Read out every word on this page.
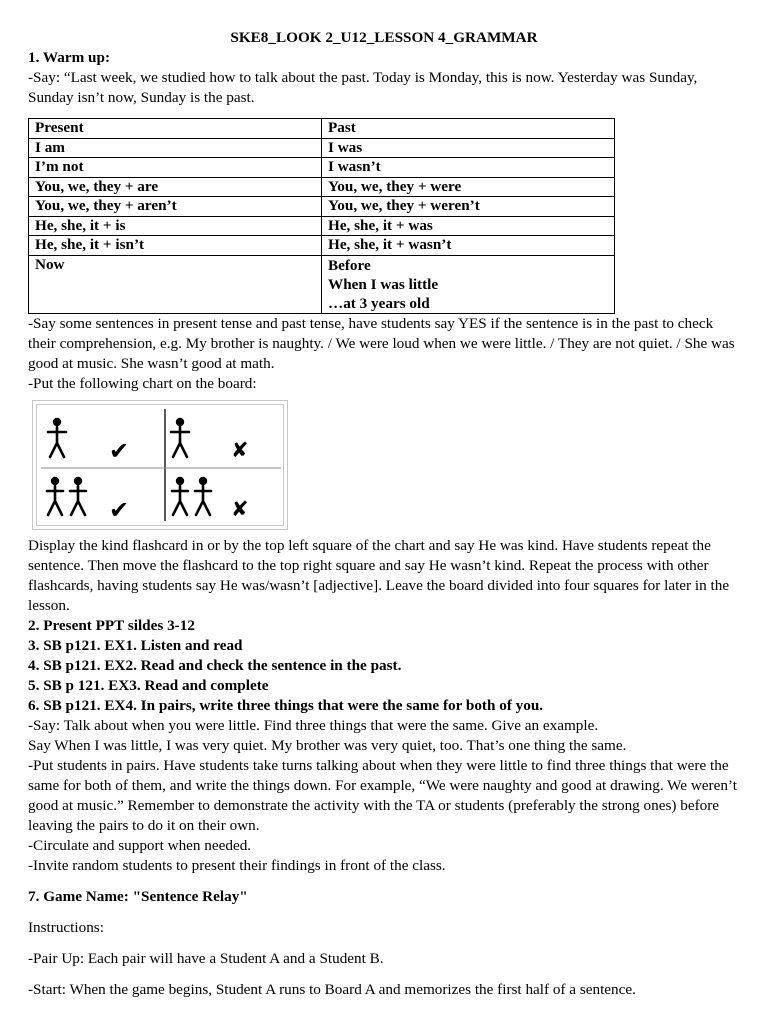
SKE8_LOOK 2_U12_LESSON 4_GRAMMAR

1. Warm up:

-Say: “Last week, we studied how to talk about the past. Today is Monday, this is now. Yesterday was Sunday, Sunday isn’t now, Sunday is the past.

Present	Past
I am	I was
I’m not	I wasn’t
You, we, they + are	You, we, they + were
You, we, they + aren’t	You, we, they + weren’t
He, she, it + is	He, she, it + was
He, she, it + isn’t	He, she, it + wasn’t
Now	Before
When I was little
…at 3 years old

-Say some sentences in present tense and past tense, have students say YES if the sentence is in the past to check their comprehension, e.g. My brother is naughty. / We were loud when we were little. / They are not quiet. / She was good at music. She wasn’t good at math.

-Put the following chart on the board:

✔
✔
✘
✘

Display the kind flashcard in or by the top left square of the chart and say He was kind. Have students repeat the sentence. Then move the flashcard to the top right square and say He wasn’t kind. Repeat the process with other flashcards, having students say He was/wasn’t [adjective]. Leave the board divided into four squares for later in the lesson.

2. Present PPT sildes 3-12

3. SB p121. EX1. Listen and read

4. SB p121. EX2. Read and check the sentence in the past.

5. SB p 121. EX3. Read and complete

6. SB p121. EX4. In pairs, write three things that were the same for both of you.

-Say: Talk about when you were little. Find three things that were the same. Give an example.

Say When I was little, I was very quiet. My brother was very quiet, too. That’s one thing the same.

-Put students in pairs. Have students take turns talking about when they were little to find three things that were the same for both of them, and write the things down. For example, “We were naughty and good at drawing. We weren’t good at music.” Remember to demonstrate the activity with the TA or students (preferably the strong ones) before leaving the pairs to do it on their own.

-Circulate and support when needed.

-Invite random students to present their findings in front of the class.

7. Game Name: "Sentence Relay"

Instructions:

-Pair Up: Each pair will have a Student A and a Student B.

-Start: When the game begins, Student A runs to Board A and memorizes the first half of a sentence.
